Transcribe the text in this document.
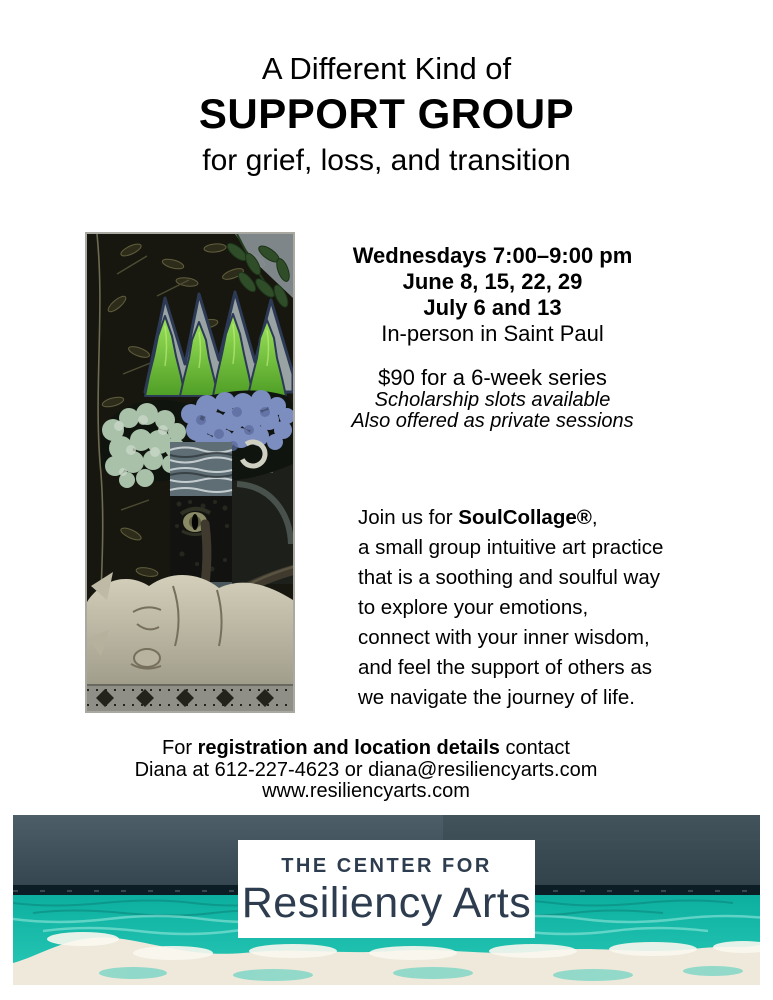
A Different Kind of
SUPPORT GROUP
for grief, loss, and transition
Wednesdays 7:00–9:00 pm
June 8, 15, 22, 29
July 6 and 13
In-person in Saint Paul
$90 for a 6-week series
Scholarship slots available
Also offered as private sessions
Join us for SoulCollage®,
a small group intuitive art practice
that is a soothing and soulful way
to explore your emotions,
connect with your inner wisdom,
and feel the support of others as
we navigate the journey of life.
For registration and location details contact
Diana at 612-227-4623 or diana@resiliencyarts.com
www.resiliencyarts.com
THE CENTER FOR
Resiliency Arts
